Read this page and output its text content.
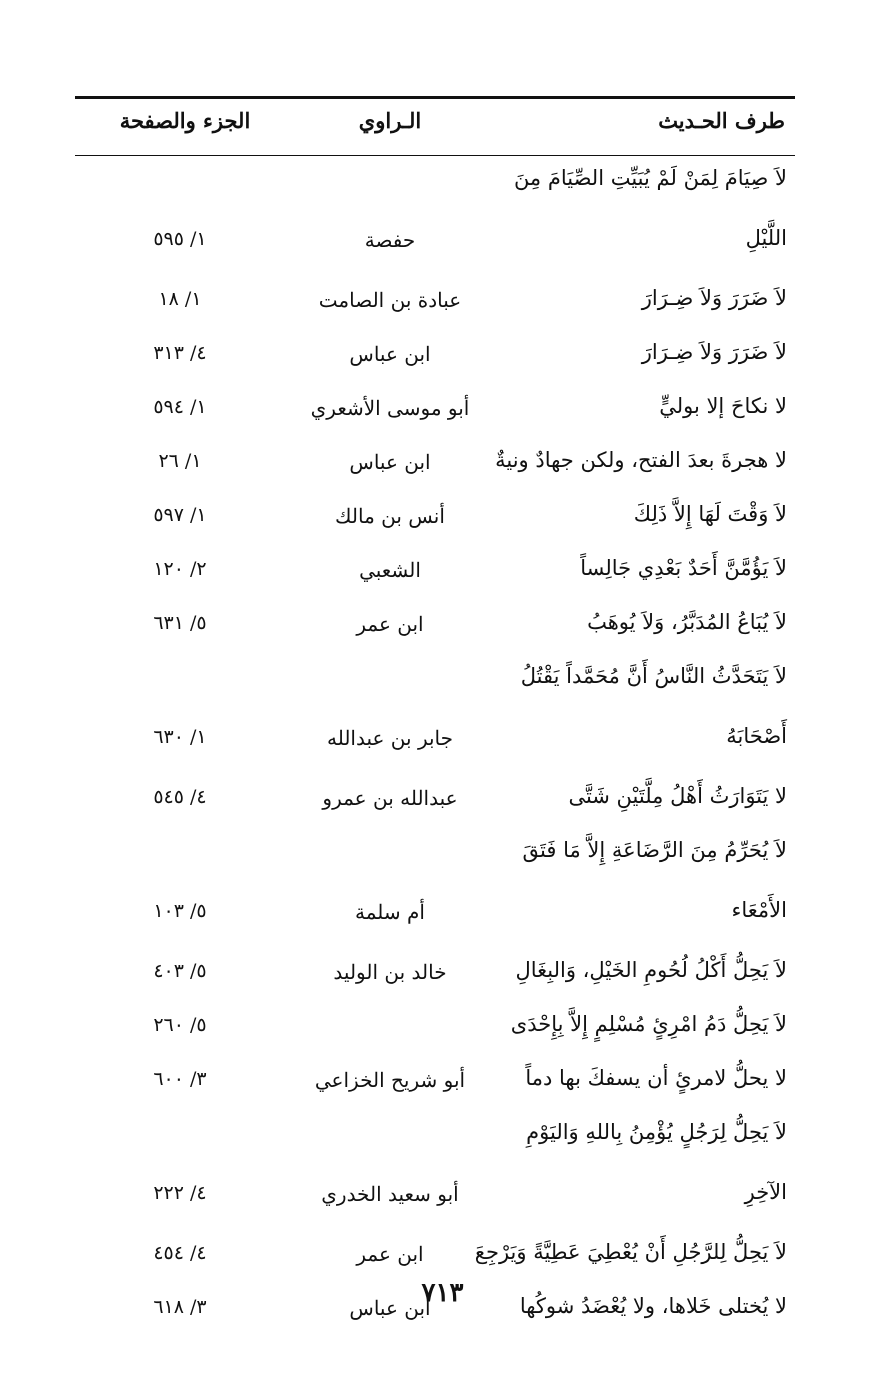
طرف الحـديث
الـراوي
الجزء والصفحة
لاَ صِيَامَ لِمَنْ لَمْ يُبَيِّتِ الصِّيَامَ مِنَ
اللَّيْلِ
حفصة
١/ ٥٩٥
لاَ ضَرَرَ وَلاَ ضِـرَارَ
عبادة بن الصامت
١/ ١٨
لاَ ضَرَرَ وَلاَ ضِـرَارَ
ابن عباس
٤/ ٣١٣
لا نكاحَ إلا بوليٍّ
أبو موسى الأشعري
١/ ٥٩٤
لا هجرةَ بعدَ الفتح، ولكن جهادٌ ونيةٌ
ابن عباس
١/ ٢٦
لاَ وَقْتَ لَهَا إِلاَّ ذَلِكَ
أنس بن مالك
١/ ٥٩٧
لاَ يَؤُمَّنَّ أَحَدٌ بَعْدِي جَالِساً
الشعبي
٢/ ١٢٠
لاَ يُبَاعُ المُدَبَّرُ، وَلاَ يُوهَبُ
ابن عمر
٥/ ٦٣١
لاَ يَتَحَدَّثُ النَّاسُ أَنَّ مُحَمَّداً يَقْتُلُ
أَصْحَابَهُ
جابر بن عبدالله
١/ ٦٣٠
لا يَتَوَارَثُ أَهْلُ مِلَّتَيْنِ شَتَّى
عبدالله بن عمرو
٤/ ٥٤٥
لاَ يُحَرِّمُ مِنَ الرَّضَاعَةِ إِلاَّ مَا فَتَقَ
الأَمْعَاء
أم سلمة
٥/ ١٠٣
لاَ يَحِلُّ أَكْلُ لُحُومِ الخَيْلِ، وَالبِغَالِ
خالد بن الوليد
٥/ ٤٠٣
لاَ يَحِلُّ دَمُ امْرِئٍ مُسْلِمٍ إِلاَّ بِإِحْدَى
٥/ ٢٦٠
لا يحلُّ لامرئٍ أن يسفكَ بها دماً
أبو شريح الخزاعي
٣/ ٦٠٠
لاَ يَحِلُّ لِرَجُلٍ يُؤْمِنُ بِاللهِ وَاليَوْمِ
الآخِرِ
أبو سعيد الخدري
٤/ ٢٢٢
لاَ يَحِلُّ لِلرَّجُلِ أَنْ يُعْطِيَ عَطِيَّةً وَيَرْجِعَ
ابن عمر
٤/ ٤٥٤
لا يُختلى خَلاها، ولا يُعْضَدُ شوكُها
ابن عباس
٣/ ٦١٨	٧١٣
